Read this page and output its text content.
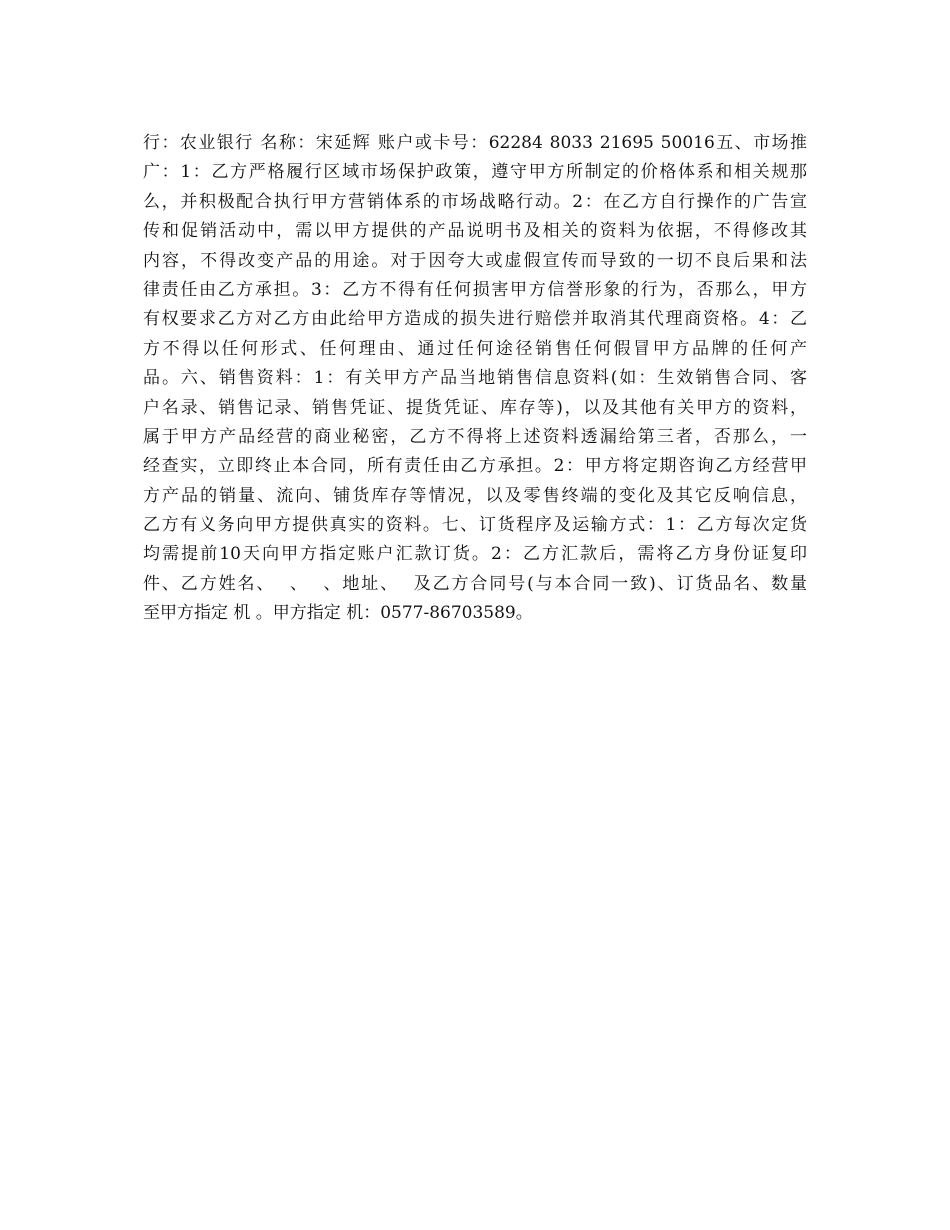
行：农业银行 名称：宋延辉 账户或卡号：62284 8033 21695 50016五、市场推
广：1：乙方严格履行区域市场保护政策，遵守甲方所制定的价格体系和相关规那
么，并积极配合执行甲方营销体系的市场战略行动。2：在乙方自行操作的广告宣
传和促销活动中，需以甲方提供的产品说明书及相关的资料为依据，不得修改其
内容，不得改变产品的用途。对于因夸大或虚假宣传而导致的一切不良后果和法
律责任由乙方承担。3：乙方不得有任何损害甲方信誉形象的行为，否那么，甲方
有权要求乙方对乙方由此给甲方造成的损失进行赔偿并取消其代理商资格。4：乙
方不得以任何形式、任何理由、通过任何途径销售任何假冒甲方品牌的任何产
品。六、销售资料：1：有关甲方产品当地销售信息资料(如：生效销售合同、客
户名录、销售记录、销售凭证、提货凭证、库存等)，以及其他有关甲方的资料，
属于甲方产品经营的商业秘密，乙方不得将上述资料透漏给第三者，否那么，一
经查实，立即终止本合同，所有责任由乙方承担。2：甲方将定期咨询乙方经营甲
方产品的销量、流向、铺货库存等情况，以及零售终端的变化及其它反响信息，
乙方有义务向甲方提供真实的资料。七、订货程序及运输方式：1：乙方每次定货
均需提前10天向甲方指定账户汇款订货。2：乙方汇款后，需将乙方身份证复印
件、乙方姓名、  、  、地址、  及乙方合同号(与本合同一致)、订货品名、数量
至甲方指定 机 。甲方指定 机：0577-86703589。
